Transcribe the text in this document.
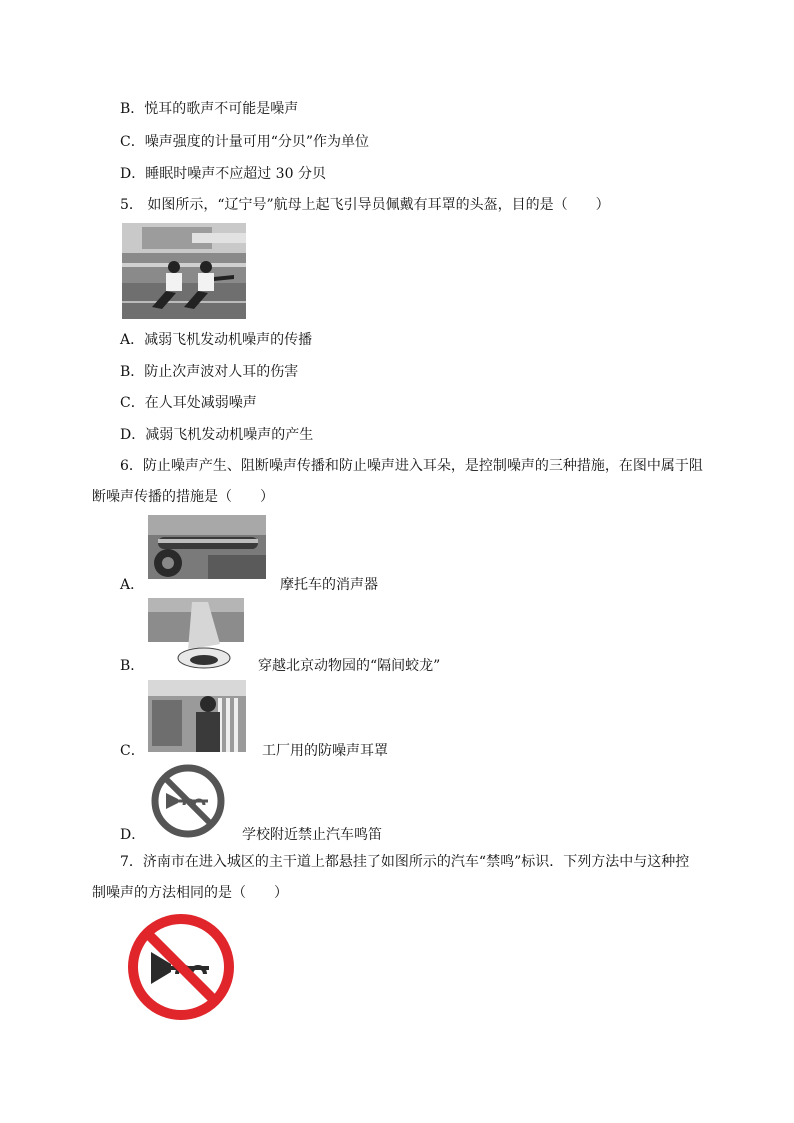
B．悦耳的歌声不可能是噪声
C．噪声强度的计量可用“分贝”作为单位
D．睡眠时噪声不应超过 30 分贝
5． 如图所示，“辽宁号”航母上起飞引导员佩戴有耳罩的头盔，目的是（　　）
A．减弱飞机发动机噪声的传播
B．防止次声波对人耳的伤害
C．在人耳处减弱噪声
D．减弱飞机发动机噪声的产生
6．防止噪声产生、阻断噪声传播和防止噪声进入耳朵，是控制噪声的三种措施，在图中属于阻
断噪声传播的措施是（　　）
A．	摩托车的消声器
B．	穿越北京动物园的“隔间蛟龙”
C．	工厂用的防噪声耳罩
D．	学校附近禁止汽车鸣笛
7．济南市在进入城区的主干道上都悬挂了如图所示的汽车“禁鸣”标识．下列方法中与这种控
制噪声的方法相同的是（　　）
